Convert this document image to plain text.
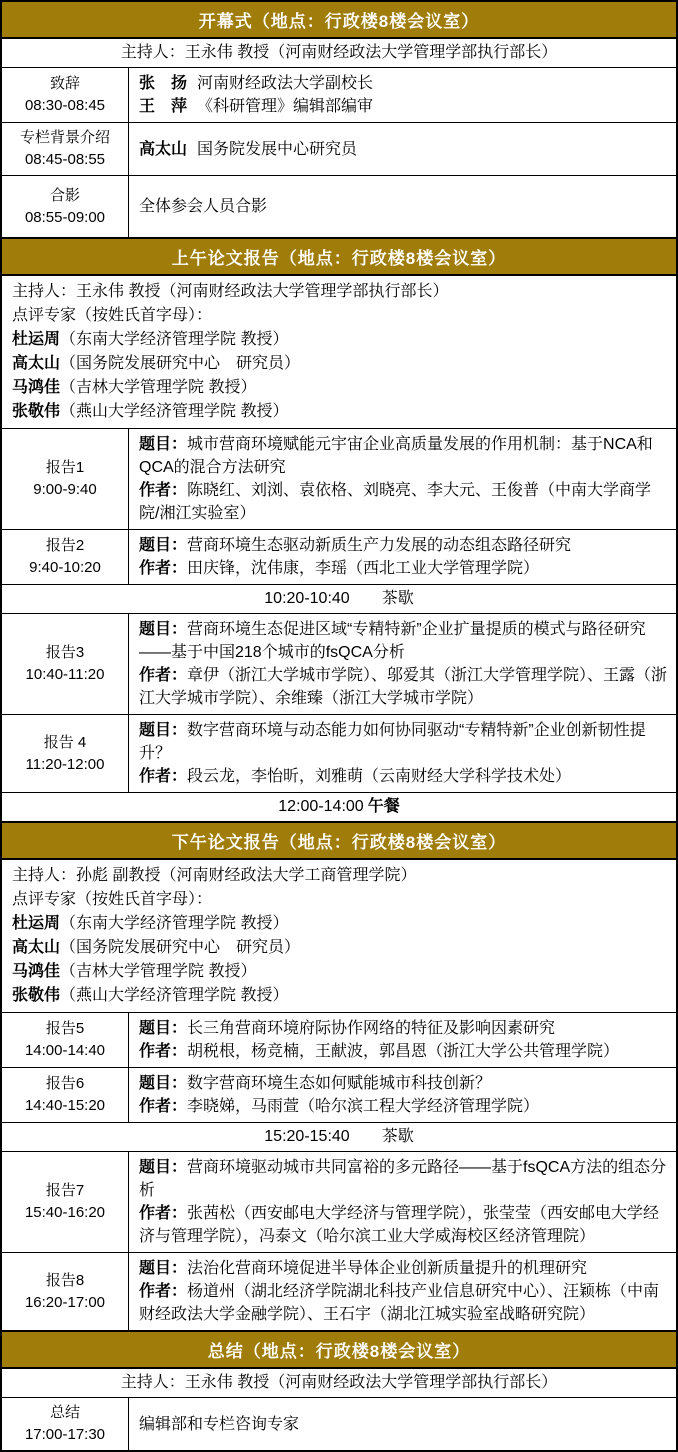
开幕式（地点：行政楼8楼会议室）
主持人：王永伟 教授（河南财经政法大学管理学部执行部长）
致辞
08:30-08:45
张　扬 河南财经政法大学副校长
王　萍 《科研管理》编辑部编审
专栏背景介绍
08:45-08:55
高太山 国务院发展中心研究员
合影
08:55-09:00
全体参会人员合影
上午论文报告（地点：行政楼8楼会议室）
主持人：王永伟 教授（河南财经政法大学管理学部执行部长）
点评专家（按姓氏首字母）：
杜运周（东南大学经济管理学院 教授）
高太山（国务院发展研究中心　研究员）
马鸿佳（吉林大学管理学院 教授）
张敬伟（燕山大学经济管理学院 教授）
报告1
9:00-9:40
题目：城市营商环境赋能元宇宙企业高质量发展的作用机制：基于NCA和QCA的混合方法研究
作者：陈晓红、刘浏、袁依格、刘晓亮、李大元、王俊普（中南大学商学院/湘江实验室）
报告2
9:40-10:20
题目：营商环境生态驱动新质生产力发展的动态组态路径研究
作者：田庆锋，沈伟康，李瑶（西北工业大学管理学院）
10:20-10:40　　茶歇
报告3
10:40-11:20
题目：营商环境生态促进区域“专精特新”企业扩量提质的模式与路径研究——基于中国218个城市的fsQCA分析
作者：章伊（浙江大学城市学院）、邬爱其（浙江大学管理学院）、王露（浙江大学城市学院）、余维臻（浙江大学城市学院）
报告 4
11:20-12:00
题目：数字营商环境与动态能力如何协同驱动“专精特新”企业创新韧性提升？
作者：段云龙，李怡昕，刘雅萌（云南财经大学科学技术处）
12:00-14:00 午餐
下午论文报告（地点：行政楼8楼会议室）
主持人：孙彪 副教授（河南财经政法大学工商管理学院）
点评专家（按姓氏首字母）：
杜运周（东南大学经济管理学院 教授）
高太山（国务院发展研究中心　研究员）
马鸿佳（吉林大学管理学院 教授）
张敬伟（燕山大学经济管理学院 教授）
报告5
14:00-14:40
题目：长三角营商环境府际协作网络的特征及影响因素研究
作者：胡税根，杨竞楠，王献波，郭昌恩（浙江大学公共管理学院）
报告6
14:40-15:20
题目：数字营商环境生态如何赋能城市科技创新？
作者：李晓娣，马雨萱（哈尔滨工程大学经济管理学院）
15:20-15:40　　茶歇
报告7
15:40-16:20
题目：营商环境驱动城市共同富裕的多元路径——基于fsQCA方法的组态分析
作者：张茜松（西安邮电大学经济与管理学院），张莹莹（西安邮电大学经济与管理学院），冯泰文（哈尔滨工业大学威海校区经济管理院）
报告8
16:20-17:00
题目：法治化营商环境促进半导体企业创新质量提升的机理研究
作者：杨道州（湖北经济学院湖北科技产业信息研究中心）、汪颖栋（中南财经政法大学金融学院）、王石宇（湖北江城实验室战略研究院）
总结（地点：行政楼8楼会议室）
主持人：王永伟 教授（河南财经政法大学管理学部执行部长）
总结
17:00-17:30
编辑部和专栏咨询专家
